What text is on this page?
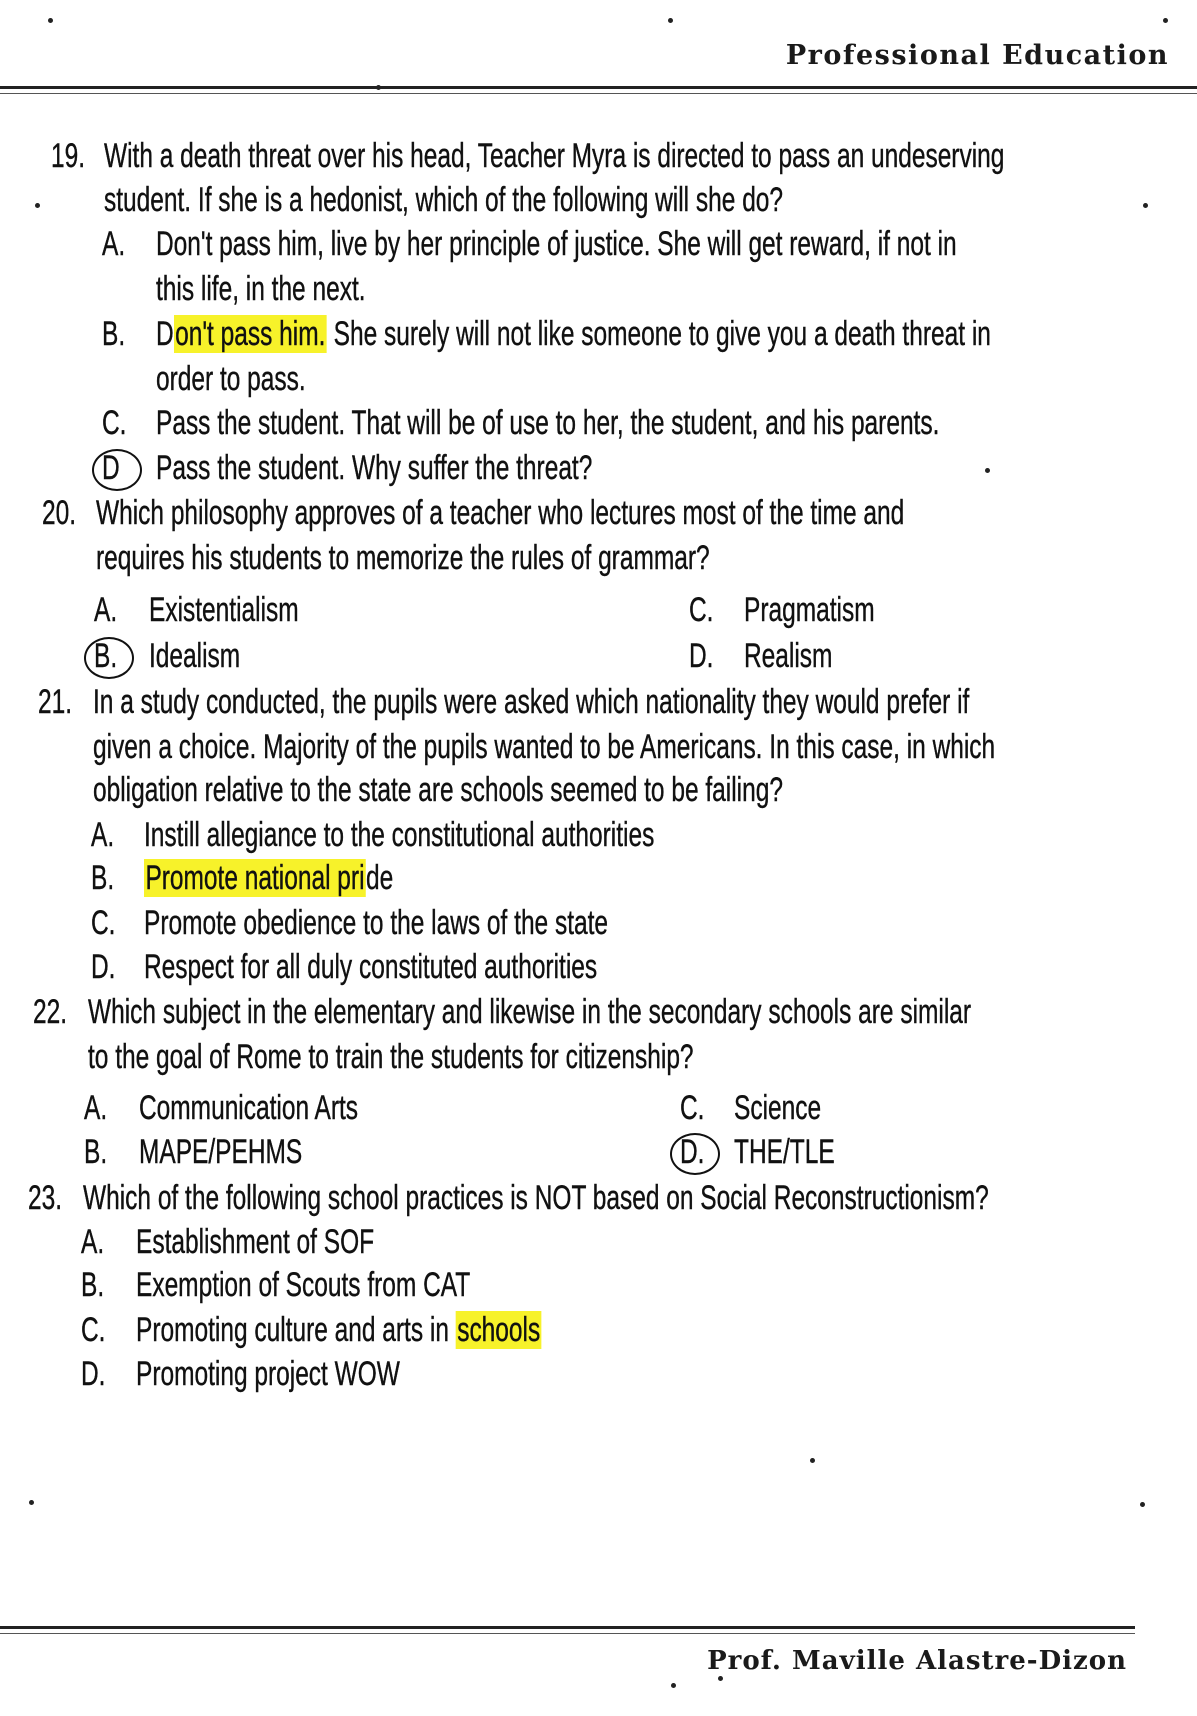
Professional Education
19. With a death threat over his head, Teacher Myra is directed to pass an undeserving
student. If she is a hedonist, which of the following will she do?
A. Don't pass him, live by her principle of justice. She will get reward, if not in
this life, in the next.
B. Don't pass him. She surely will not like someone to give you a death threat in
order to pass.
C. Pass the student. That will be of use to her, the student, and his parents.
D Pass the student. Why suffer the threat?
20. Which philosophy approves of a teacher who lectures most of the time and
requires his students to memorize the rules of grammar?
A. Existentialism
B. Idealism
C. Pragmatism
D. Realism
21. In a study conducted, the pupils were asked which nationality they would prefer if
given a choice. Majority of the pupils wanted to be Americans. In this case, in which
obligation relative to the state are schools seemed to be failing?
A. Instill allegiance to the constitutional authorities
B. Promote national pride
C. Promote obedience to the laws of the state
D. Respect for all duly constituted authorities
22. Which subject in the elementary and likewise in the secondary schools are similar
to the goal of Rome to train the students for citizenship?
A. Communication Arts
B. MAPE/PEHMS
C. Science
D. THE/TLE
23. Which of the following school practices is NOT based on Social Reconstructionism?
A. Establishment of SOF
B. Exemption of Scouts from CAT
C. Promoting culture and arts in schools
D. Promoting project WOW
Prof. Maville Alastre-Dizon
